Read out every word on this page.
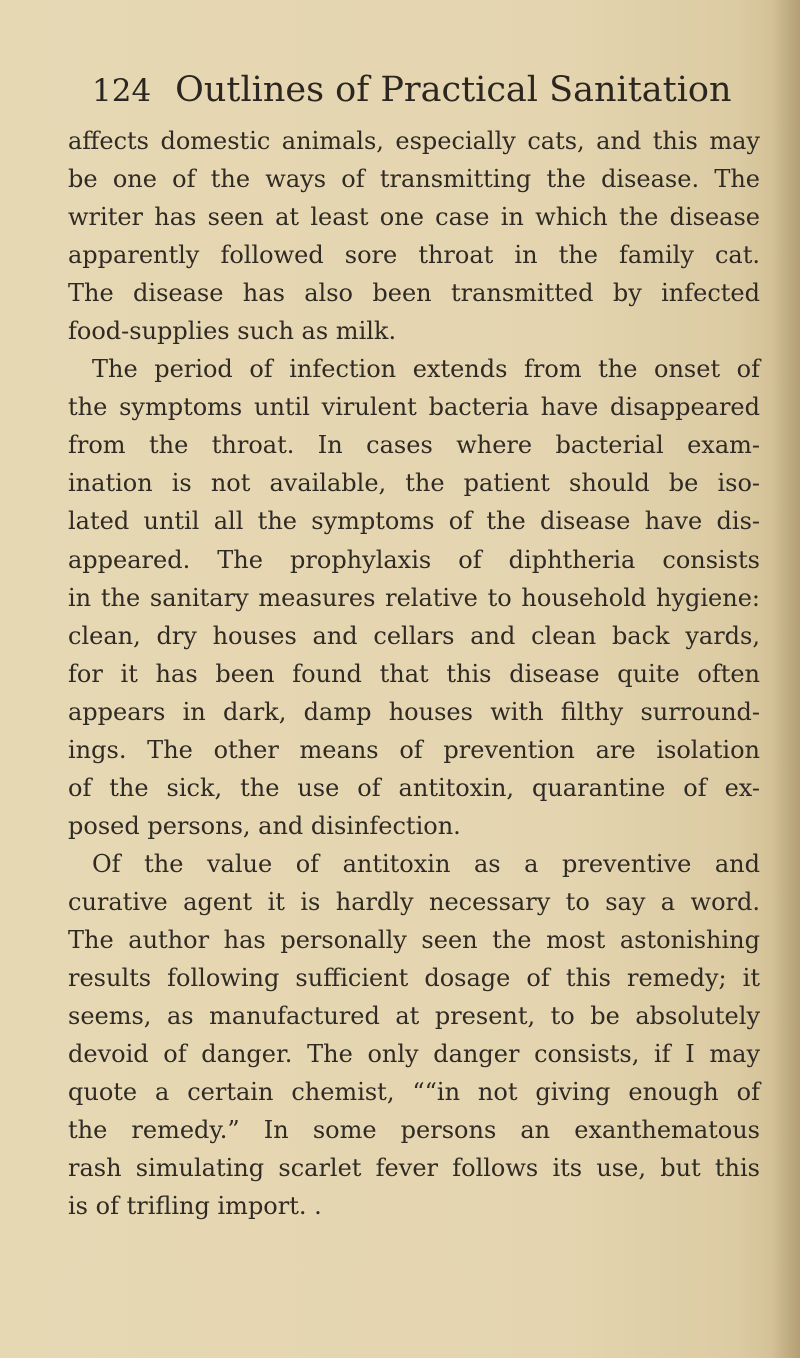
124 Outlines of Practical Sanitation
affects domestic animals, especially cats, and this may
be one of the ways of transmitting the disease. The
writer has seen at least one case in which the disease
apparently followed sore throat in the family cat.
The disease has also been transmitted by infected
food-supplies such as milk.
The period of infection extends from the onset of
the symptoms until virulent bacteria have disappeared
from the throat. In cases where bacterial exam-
ination is not available, the patient should be iso-
lated until all the symptoms of the disease have dis-
appeared. The prophylaxis of diphtheria consists
in the sanitary measures relative to household hygiene:
clean, dry houses and cellars and clean back yards,
for it has been found that this disease quite often
appears in dark, damp houses with filthy surround-
ings. The other means of prevention are isolation
of the sick, the use of antitoxin, quarantine of ex-
posed persons, and disinfection.
Of the value of antitoxin as a preventive and
curative agent it is hardly necessary to say a word.
The author has personally seen the most astonishing
results following sufficient dosage of this remedy; it
seems, as manufactured at present, to be absolutely
devoid of danger. The only danger consists, if I may
quote a certain chemist, ““in not giving enough of
the remedy.” In some persons an exanthematous
rash simulating scarlet fever follows its use, but this
is of trifling import. .
